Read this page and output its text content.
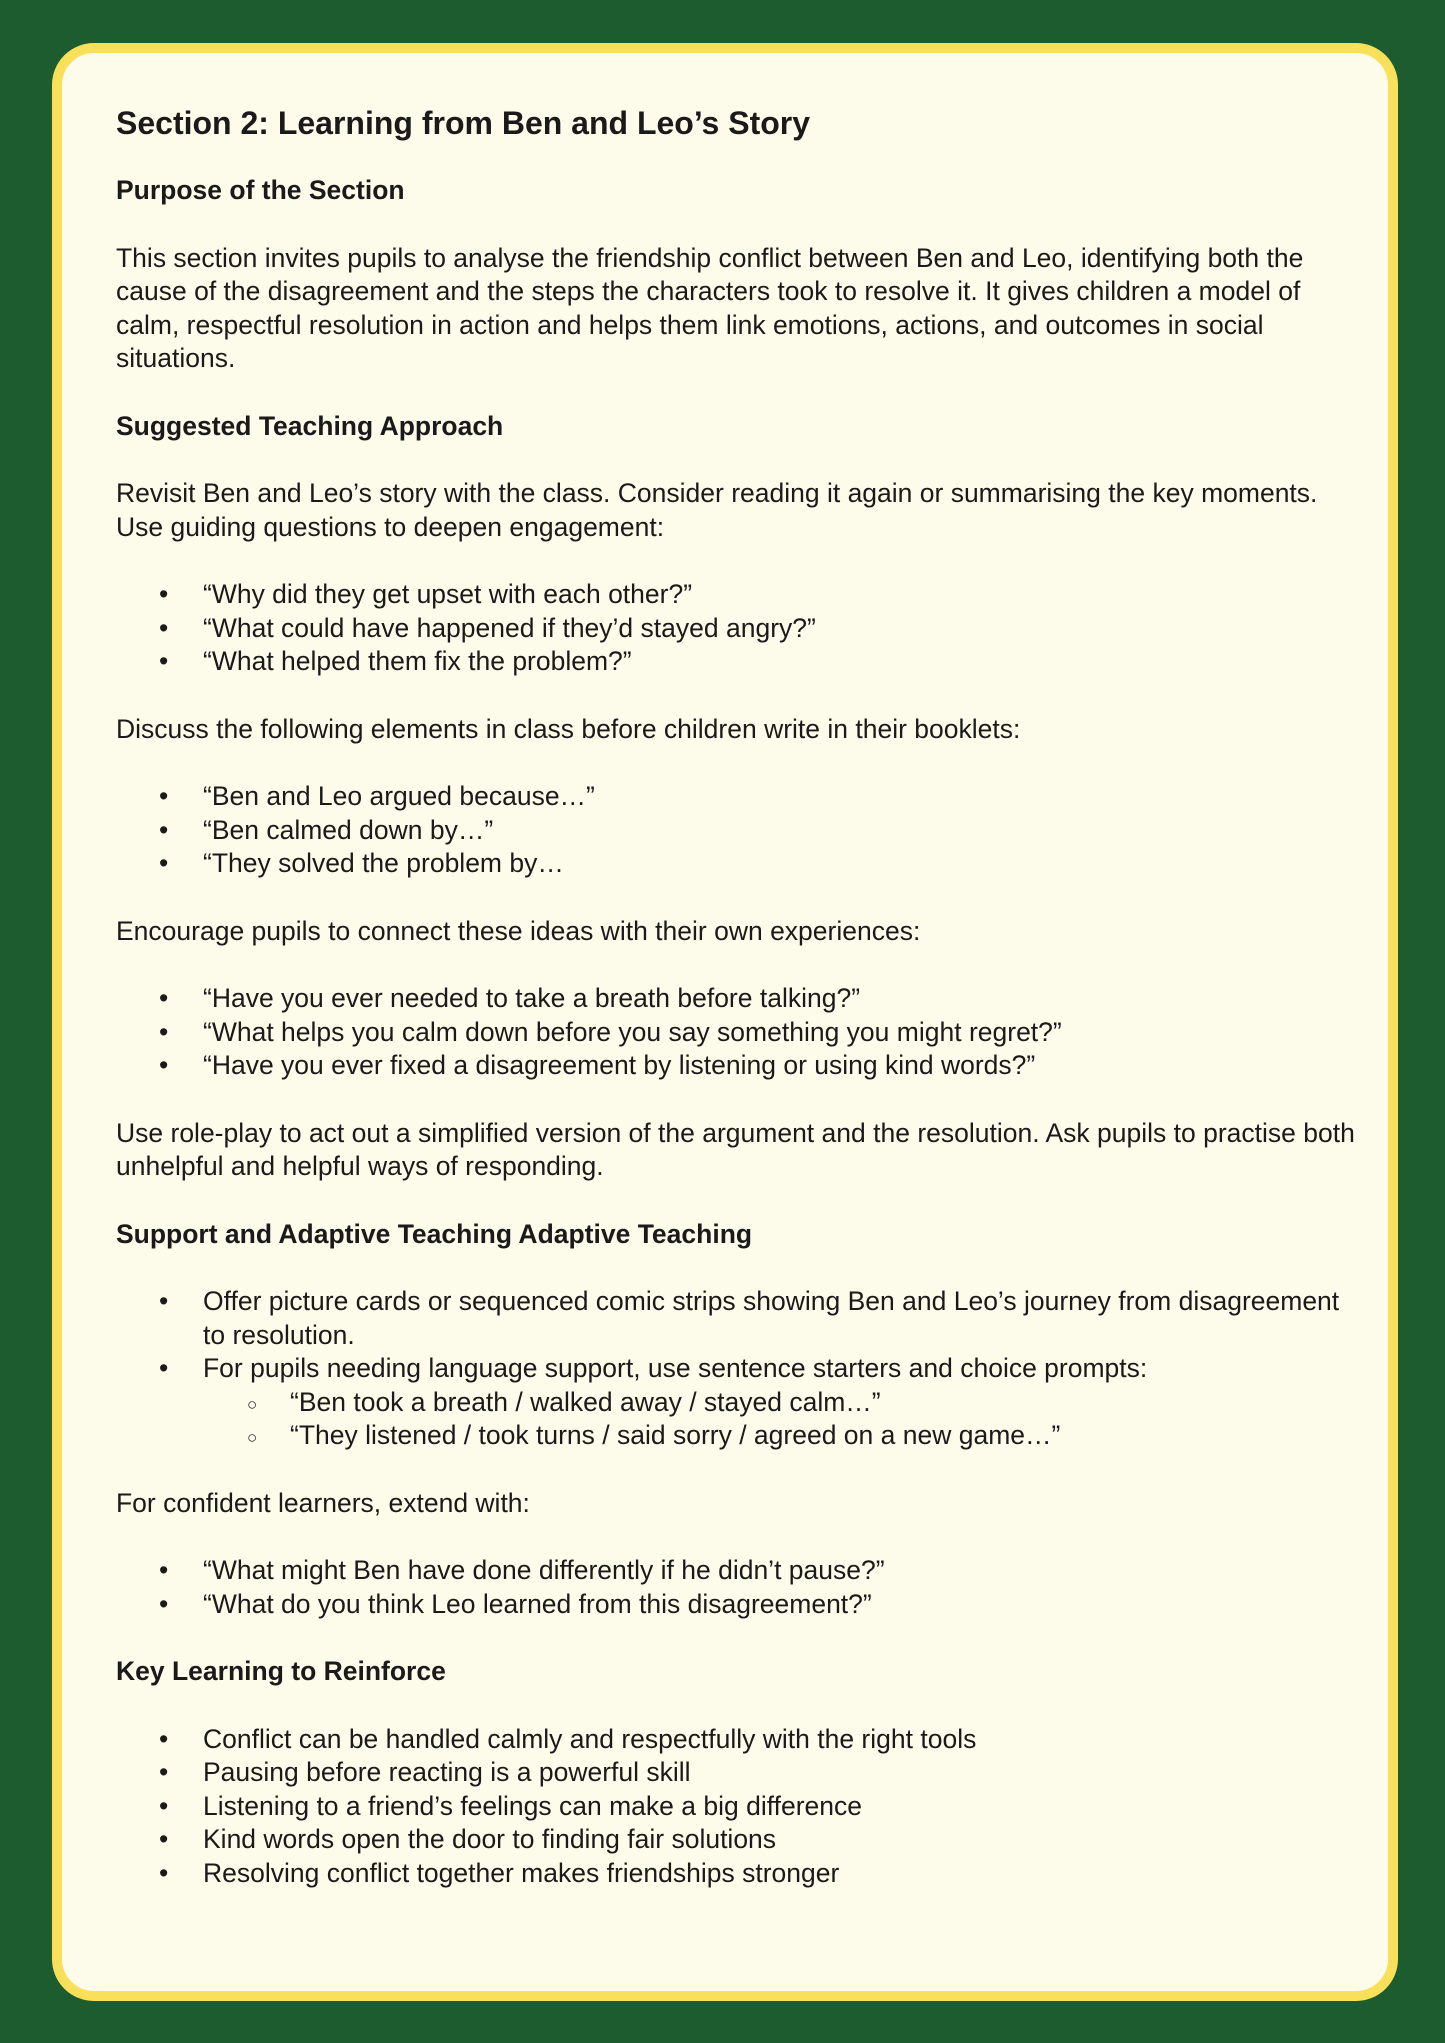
Section 2: Learning from Ben and Leo’s Story
Purpose of the Section

This section invites pupils to analyse the friendship conflict between Ben and Leo, identifying both the cause of the disagreement and the steps the characters took to resolve it. It gives children a model of calm, respectful resolution in action and helps them link emotions, actions, and outcomes in social situations.

Suggested Teaching Approach

Revisit Ben and Leo’s story with the class. Consider reading it again or summarising the key moments. Use guiding questions to deepen engagement:

• “Why did they get upset with each other?”
• “What could have happened if they’d stayed angry?”
• “What helped them fix the problem?”

Discuss the following elements in class before children write in their booklets:

• “Ben and Leo argued because…”
• “Ben calmed down by…”
• “They solved the problem by…

Encourage pupils to connect these ideas with their own experiences:

• “Have you ever needed to take a breath before talking?”
• “What helps you calm down before you say something you might regret?”
• “Have you ever fixed a disagreement by listening or using kind words?”

Use role-play to act out a simplified version of the argument and the resolution. Ask pupils to practise both unhelpful and helpful ways of responding.

Support and Adaptive Teaching Adaptive Teaching
• Offer picture cards or sequenced comic strips showing Ben and Leo’s journey from disagreement to resolution.
• For pupils needing language support, use sentence starters and choice prompts:
○ “Ben took a breath / walked away / stayed calm…”
○ “They listened / took turns / said sorry / agreed on a new game…”

For confident learners, extend with:

• “What might Ben have done differently if he didn’t pause?”
• “What do you think Leo learned from this disagreement?”
Key Learning to Reinforce
• Conflict can be handled calmly and respectfully with the right tools
• Pausing before reacting is a powerful skill
• Listening to a friend’s feelings can make a big difference
• Kind words open the door to finding fair solutions
• Resolving conflict together makes friendships stronger
